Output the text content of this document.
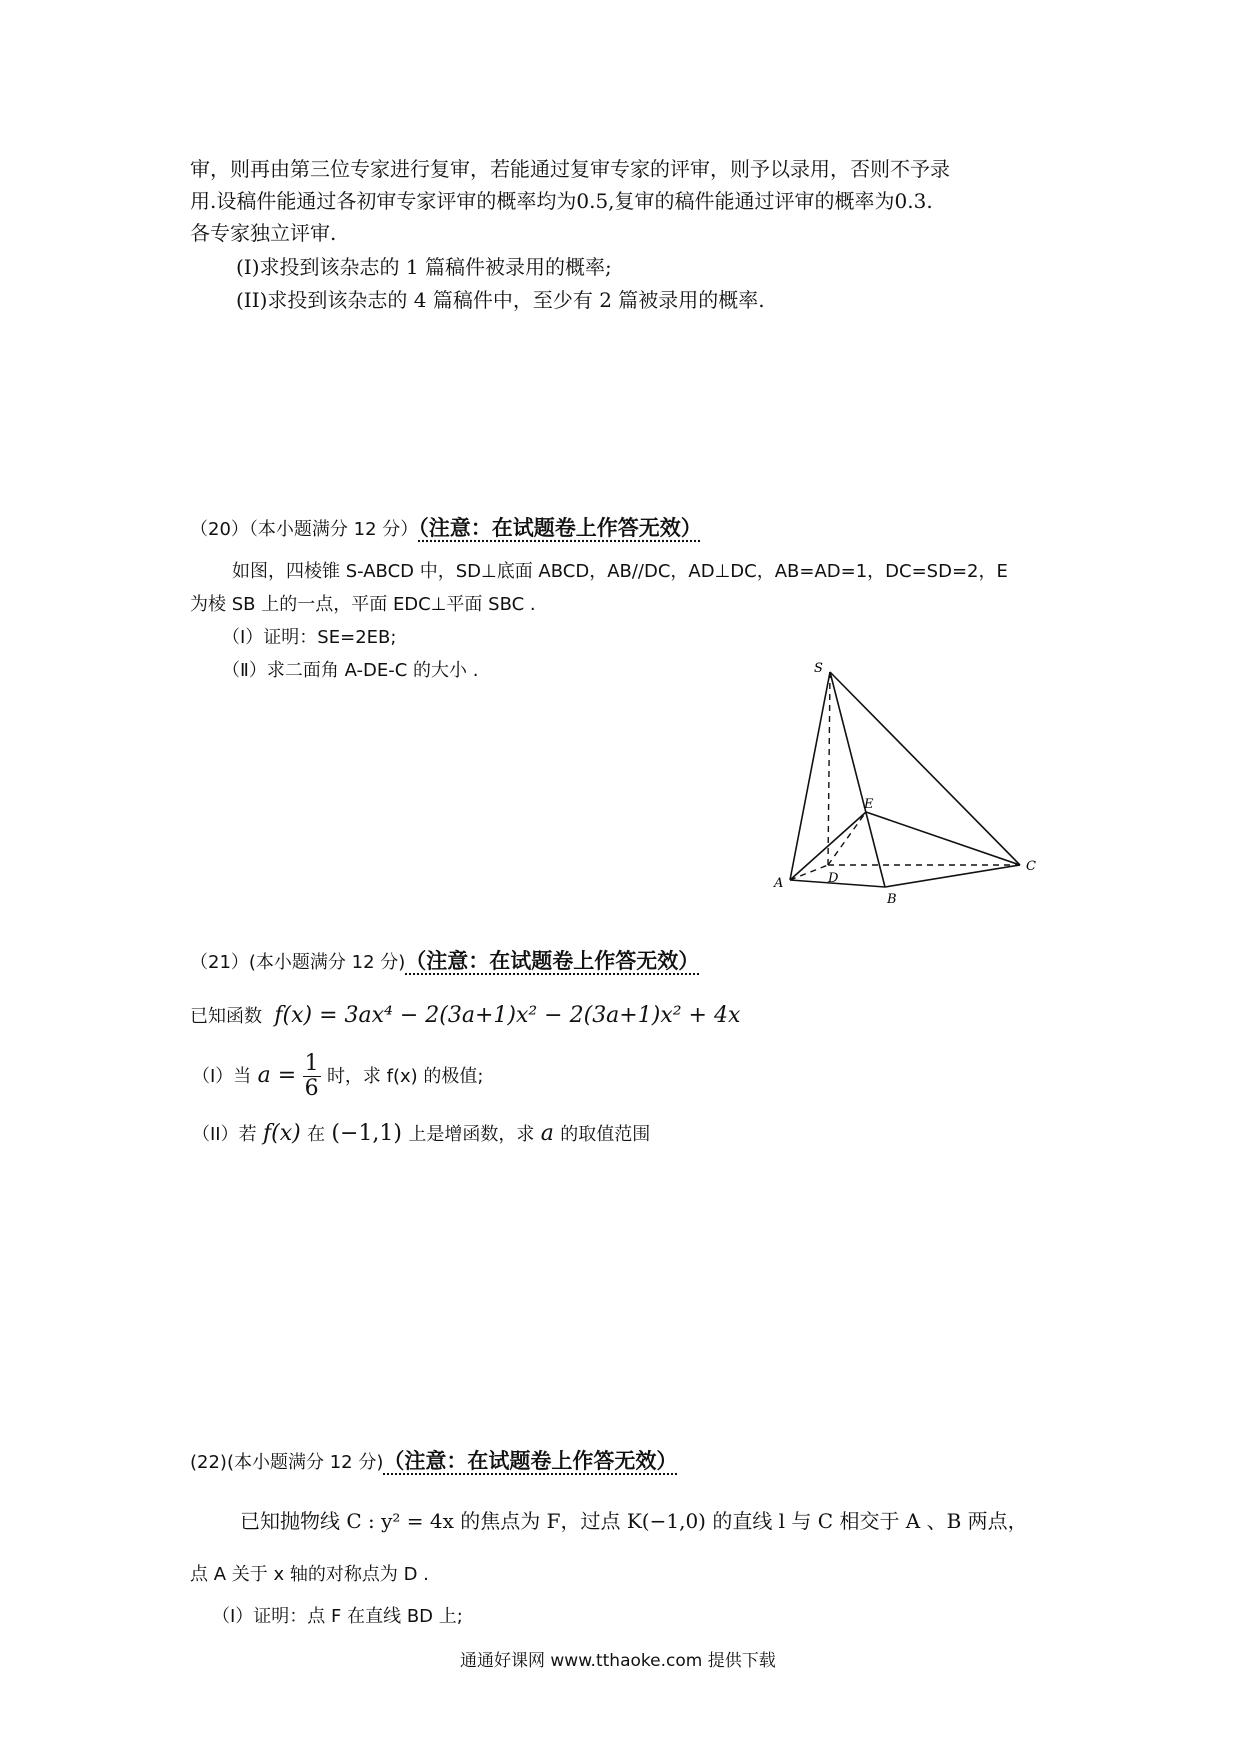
审，则再由第三位专家进行复审，若能通过复审专家的评审，则予以录用，否则不予录
用.设稿件能通过各初审专家评审的概率均为0.5,复审的稿件能通过评审的概率为0.3.
各专家独立评审.
(I)求投到该杂志的 1 篇稿件被录用的概率;
(II)求投到该杂志的 4 篇稿件中，至少有 2 篇被录用的概率.
（20）（本小题满分 12 分）（注意：在试题卷上作答无效）
如图，四棱锥 S-ABCD 中，SD⊥底面 ABCD，AB//DC，AD⊥DC，AB=AD=1，DC=SD=2，E
为棱 SB 上的一点，平面 EDC⊥平面 SBC .
（Ⅰ）证明：SE=2EB;
（Ⅱ）求二面角 A-DE-C 的大小 .	S
E
D
A
B
C
（21）(本小题满分 12 分)（注意：在试题卷上作答无效）
已知函数 f(x) = 3ax⁴ − 2(3a+1)x² − 2(3a+1)x² + 4x
（I）当 $a = \frac{1}{6}$ 时，求 f(x) 的极值;
（II）若 f(x) 在 (−1,1) 上是增函数，求 a 的取值范围
(22)(本小题满分 12 分)（注意：在试题卷上作答无效）
已知抛物线 C : y² = 4x 的焦点为 F，过点 K(−1,0) 的直线 l 与 C 相交于 A 、B 两点，
点 A 关于 x 轴的对称点为 D .
（Ⅰ）证明：点 F 在直线 BD 上;
通通好课网 www.tthaoke.com 提供下载
